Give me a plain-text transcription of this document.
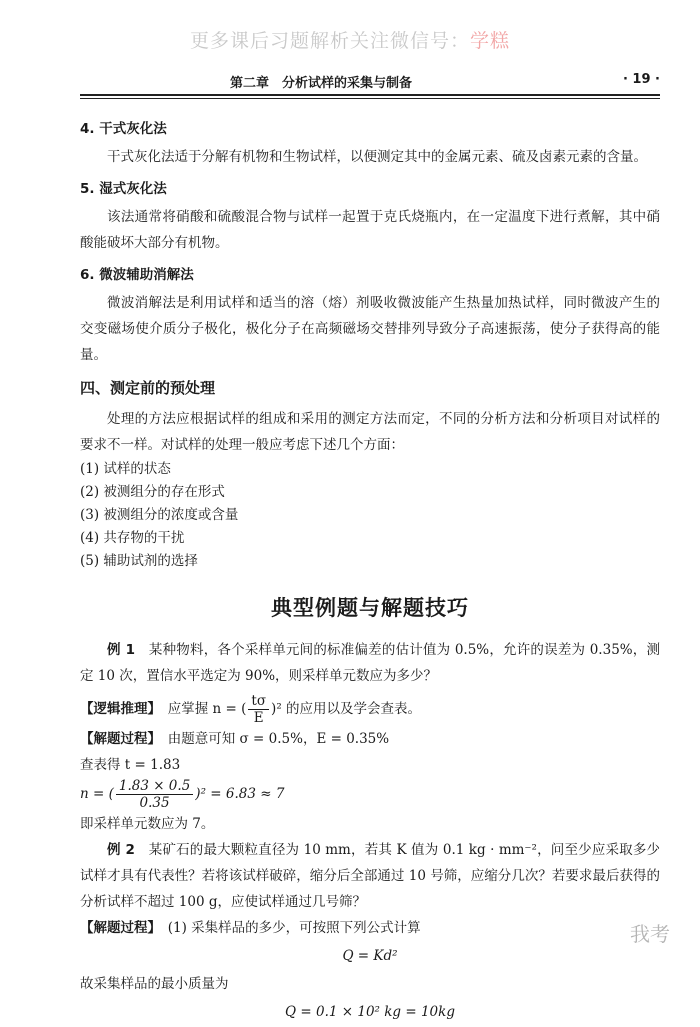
更多课后习题解析关注微信号：学糕
第二章　分析试样的采集与制备	· 19 ·
4. 干式灰化法

干式灰化法适于分解有机物和生物试样，以便测定其中的金属元素、硫及卤素元素的含量。

5. 湿式灰化法

该法通常将硝酸和硫酸混合物与试样一起置于克氏烧瓶内，在一定温度下进行煮解，其中硝酸能破坏大部分有机物。

6. 微波辅助消解法

微波消解法是利用试样和适当的溶（熔）剂吸收微波能产生热量加热试样，同时微波产生的交变磁场使介质分子极化，极化分子在高频磁场交替排列导致分子高速振荡，使分子获得高的能量。

四、测定前的预处理

处理的方法应根据试样的组成和采用的测定方法而定，不同的分析方法和分析项目对试样的要求不一样。对试样的处理一般应考虑下述几个方面：

(1) 试样的状态
(2) 被测组分的存在形式
(3) 被测组分的浓度或含量
(4) 共存物的干扰
(5) 辅助试剂的选择
典型例题与解题技巧

例 1　 某种物料，各个采样单元间的标准偏差的估计值为 0.5%，允许的误差为 0.35%，测定 10 次，置信水平选定为 90%，则采样单元数应为多少？

【逻辑推理】　 应掌握 n = ( $\frac{t\sigma}{E} )^2$ 的应用以及学会查表。
【解题过程】　 由题意可知 σ = 0.5%，E = 0.35%
查表得 t = 1.83
n = ( $\frac{1.83 \times 0.5}{0.35} )^2 = 6.83 \approx 7$
即采样单元数应为 7。

例 2　 某矿石的最大颗粒直径为 10 mm，若其 K 值为 0.1 kg · mm⁻²，问至少应采取多少试样才具有代表性？若将该试样破碎，缩分后全部通过 10 号筛，应缩分几次？若要求最后获得的分析试样不超过 100 g，应使试样通过几号筛？

【解题过程】　 (1) 采集样品的多少，可按照下列公式计算
Q = Kd²
故采集样品的最小质量为
Q = 0.1 × 10² kg = 10kg
我考
